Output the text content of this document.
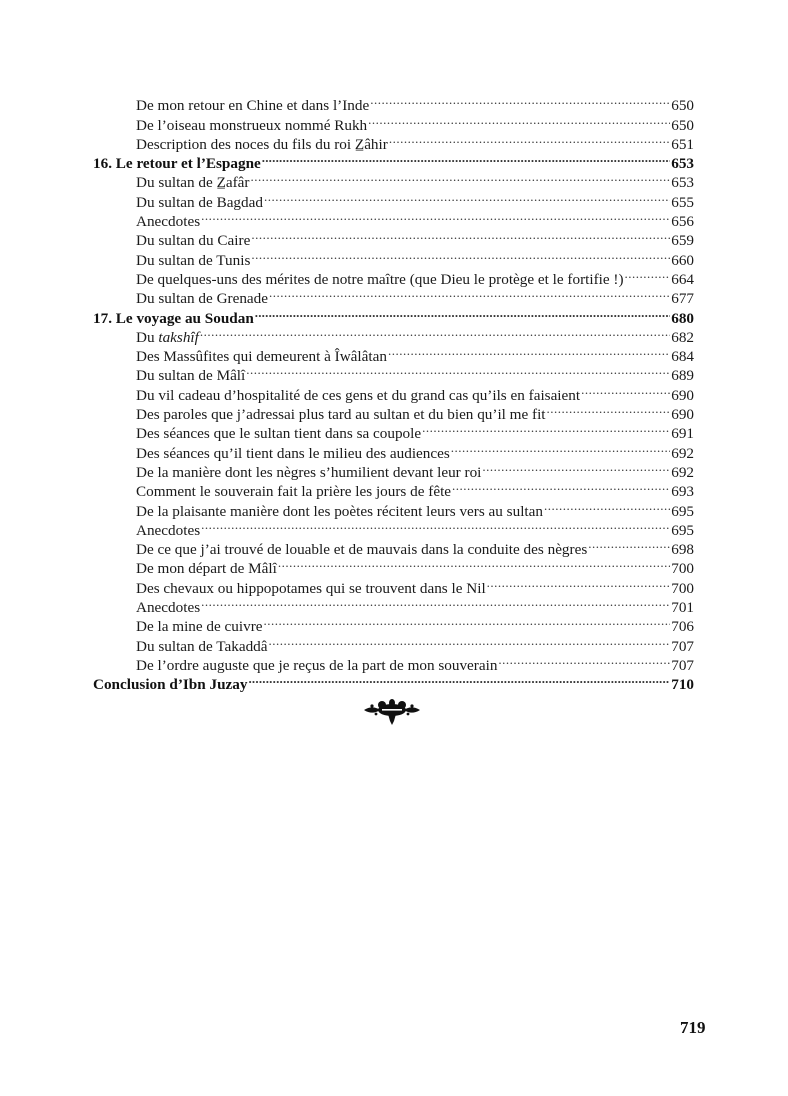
De mon retour en Chine et dans l’Inde .....	650
De l’oiseau monstrueux nommé Rukh .....	650
Description des noces du fils du roi Z̲âhir .....	651
16. Le retour et l’Espagne .....	653
Du sultan de Z̲afâr .....	653
Du sultan de Bagdad .....	655
Anecdotes .....	656
Du sultan du Caire .....	659
Du sultan de Tunis .....	660
De quelques-uns des mérites de notre maître (que Dieu le protège et le fortifie !) .....	664
Du sultan de Grenade .....	677
17. Le voyage au Soudan .....	680
Du takshîf .....	682
Des Massûfites qui demeurent à Îwâlâtan .....	684
Du sultan de Mâlî .....	689
Du vil cadeau d’hospitalité de ces gens et du grand cas qu’ils en faisaient .....	690
Des paroles que j’adressai plus tard au sultan et du bien qu’il me fit .....	690
Des séances que le sultan tient dans sa coupole .....	691
Des séances qu’il tient dans le milieu des audiences .....	692
De la manière dont les nègres s’humilient devant leur roi .....	692
Comment le souverain fait la prière les jours de fête .....	693
De la plaisante manière dont les poètes récitent leurs vers au sultan .....	695
Anecdotes .....	695
De ce que j’ai trouvé de louable et de mauvais dans la conduite des nègres .....	698
De mon départ de Mâlî .....	700
Des chevaux ou hippopotames qui se trouvent dans le Nil .....	700
Anecdotes .....	701
De la mine de cuivre .....	706
Du sultan de Takaddâ .....	707
De l’ordre auguste que je reçus de la part de mon souverain .....	707
Conclusion d’Ibn Juzay .....	710
719
